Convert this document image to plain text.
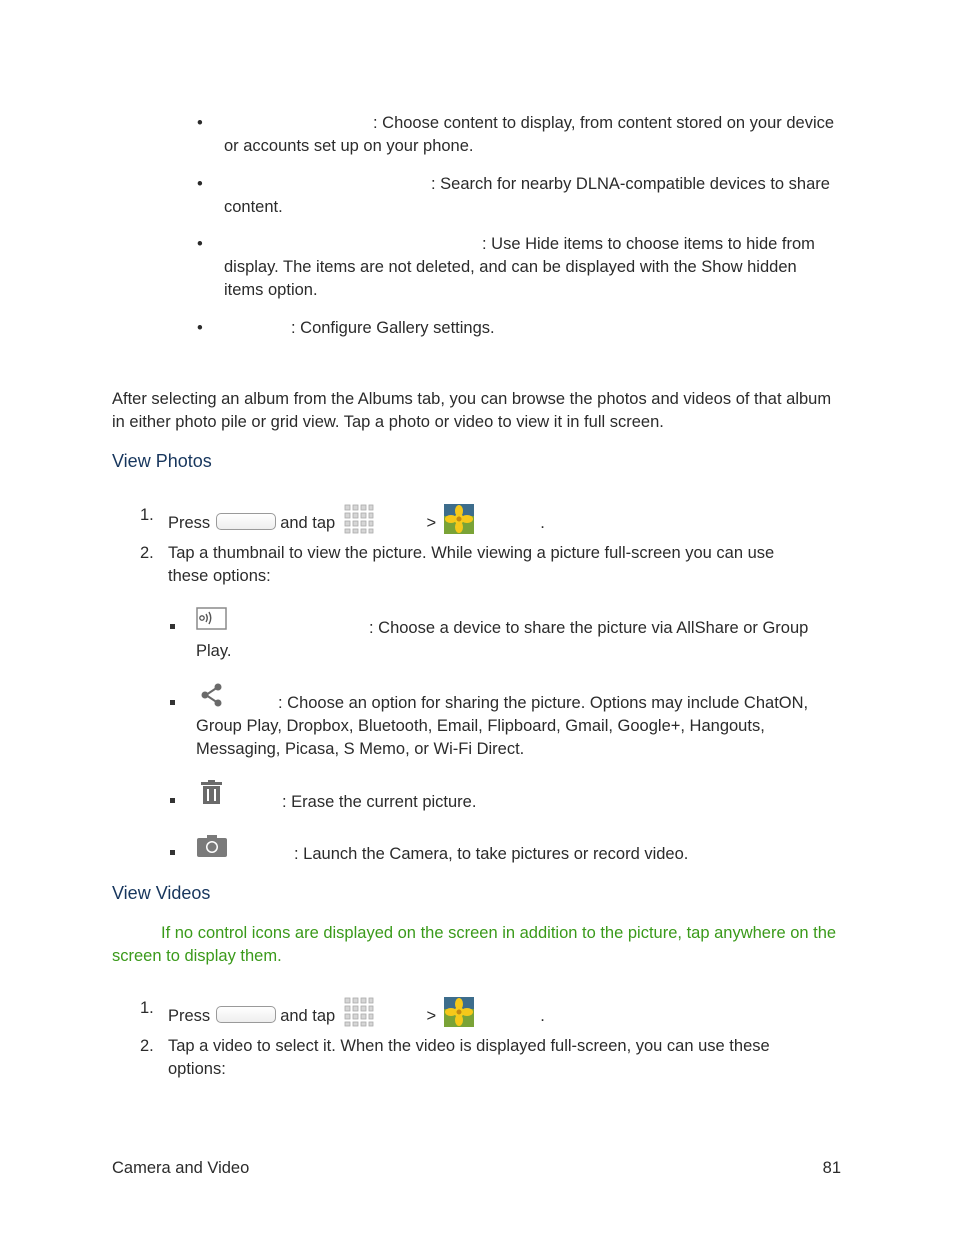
•	: Choose content to display, from content stored on your device or accounts set up on your phone.
•	: Search for nearby DLNA-compatible devices to share content.
•	: Use Hide items to choose items to hide from display. The items are not deleted, and can be displayed with the Show hidden items option.
•	: Configure Gallery settings.
After selecting an album from the Albums tab, you can browse the photos and videos of that album in either photo pile or grid view. Tap a photo or video to view it in full screen.
View Photos
1. Press	and tap	>	.
2. Tap a thumbnail to view the picture. While viewing a picture full-screen you can use these options:
: Choose a device to share the picture via AllShare or Group Play.
: Choose an option for sharing the picture. Options may include ChatON, Group Play, Dropbox, Bluetooth, Email, Flipboard, Gmail, Google+, Hangouts, Messaging, Picasa, S Memo, or Wi-Fi Direct.
: Erase the current picture.
: Launch the Camera, to take pictures or record video.
View Videos
If no control icons are displayed on the screen in addition to the picture, tap anywhere on the screen to display them.
1. Press	and tap	>	.
2. Tap a video to select it. When the video is displayed full-screen, you can use these options:
Camera and Video	81
